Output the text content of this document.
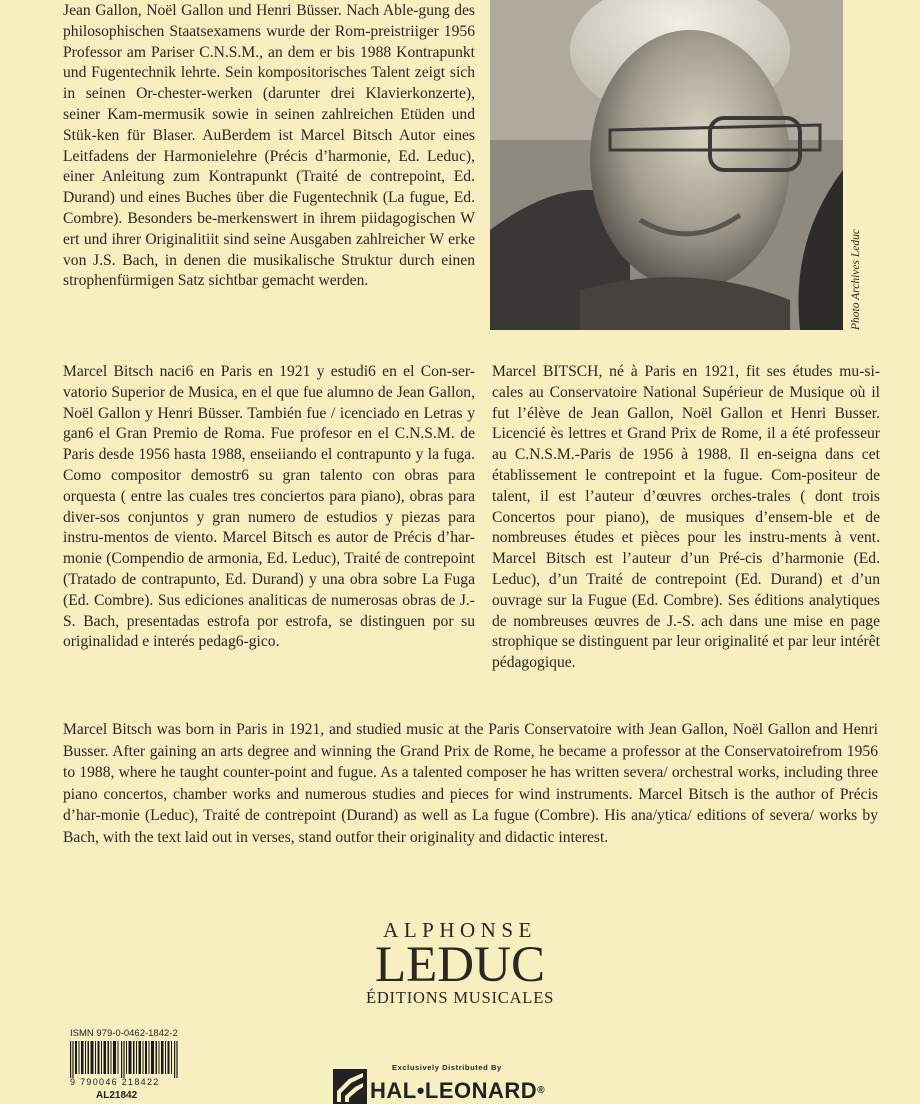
Jean Gallon, Noël Gallon und Henri Büsser. Nach Able-gung des philosophischen Staatsexamens wurde der Rom-preistriiger 1956 Professor am Pariser C.N.S.M., an dem er bis 1988 Kontrapunkt und Fugentechnik lehrte. Sein kompositorisches Talent zeigt sich in seinen Or-chester-werken (darunter drei Klavierkonzerte), seiner Kam-mermusik sowie in seinen zahlreichen Etüden und Stük-ken für Blaser. AuBerdem ist Marcel Bitsch Autor eines Leitfadens der Harmonielehre (Précis d’harmonie, Ed. Leduc), einer Anleitung zum Kontrapunkt (Traité de contrepoint, Ed. Durand) und eines Buches über die Fugentechnik (La fugue, Ed. Combre). Besonders be-merkenswert in ihrem piidagogischen W ert und ihrer Originalitiit sind seine Ausgaben zahlreicher W erke von J.S. Bach, in denen die musikalische Struktur durch einen strophenfürmigen Satz sichtbar gemacht werden.	Photo Archives Leduc

Marcel Bitsch naci6 en Paris en 1921 y estudi6 en el Con-ser-vatorio Superior de Musica, en el que fue alumno de Jean Gallon, Noël Gallon y Henri Büsser. También fue / icenciado en Letras y gan6 el Gran Premio de Roma. Fue profesor en el C.N.S.M. de Paris desde 1956 hasta 1988, enseiiando el contrapunto y la fuga. Como compositor demostr6 su gran talento con obras para orquesta ( entre las cuales tres conciertos para piano), obras para diver-sos conjuntos y gran numero de estudios y piezas para instru-mentos de viento. Marcel Bitsch es autor de Précis d’har-monie (Compendio de armonia, Ed. Leduc), Traité de contrepoint (Tratado de contrapunto, Ed. Durand) y una obra sobre La Fuga (Ed. Combre). Sus ediciones analiticas de numerosas obras de J.-S. Bach, presentadas estrofa por estrofa, se distinguen por su originalidad e interés pedag6-gico.

Marcel BITSCH, né à Paris en 1921, fit ses études mu-si-cales au Conservatoire National Supérieur de Musique où il fut l’élève de Jean Gallon, Noël Gallon et Henri Busser. Licencié ès lettres et Grand Prix de Rome, il a été professeur au C.N.S.M.-Paris de 1956 à 1988. Il en-seigna dans cet établissement le contrepoint et la fugue. Com-positeur de talent, il est l’auteur d’œuvres orches-trales ( dont trois Concertos pour piano), de musiques d’ensem-ble et de nombreuses études et pièces pour les instru-ments à vent. Marcel Bitsch est l’auteur d’un Pré-cis d’harmonie (Ed. Leduc), d’un Traité de contrepoint (Ed. Durand) et d’un ouvrage sur la Fugue (Ed. Combre). Ses éditions analytiques de nombreuses œuvres de J.-S. ach dans une mise en page strophique se distinguent par leur originalité et par leur intérêt pédagogique.

Marcel Bitsch was born in Paris in 1921, and studied music at the Paris Conservatoire with Jean Gallon, Noël Gallon and Henri Busser. After gaining an arts degree and winning the Grand Prix de Rome, he became a professor at the Conservatoirefrom 1956 to 1988, where he taught counter-point and fugue. As a talented composer he has written severa/ orchestral works, including three piano concertos, chamber works and numerous studies and pieces for wind instruments. Marcel Bitsch is the author of Précis d’har-monie (Leduc), Traité de contrepoint (Durand) as well as La fugue (Combre). His ana/ytica/ editions of severa/ works by Bach, with the text laid out in verses, stand outfor their originality and didactic interest.

ALPHONSE
LEDUC
ÉDITIONS MUSICALES
ISMN 979-0-0462-1842-2
9 790046 218422
AL21842
Exclusively Distributed By
HAL•LEONARD®
